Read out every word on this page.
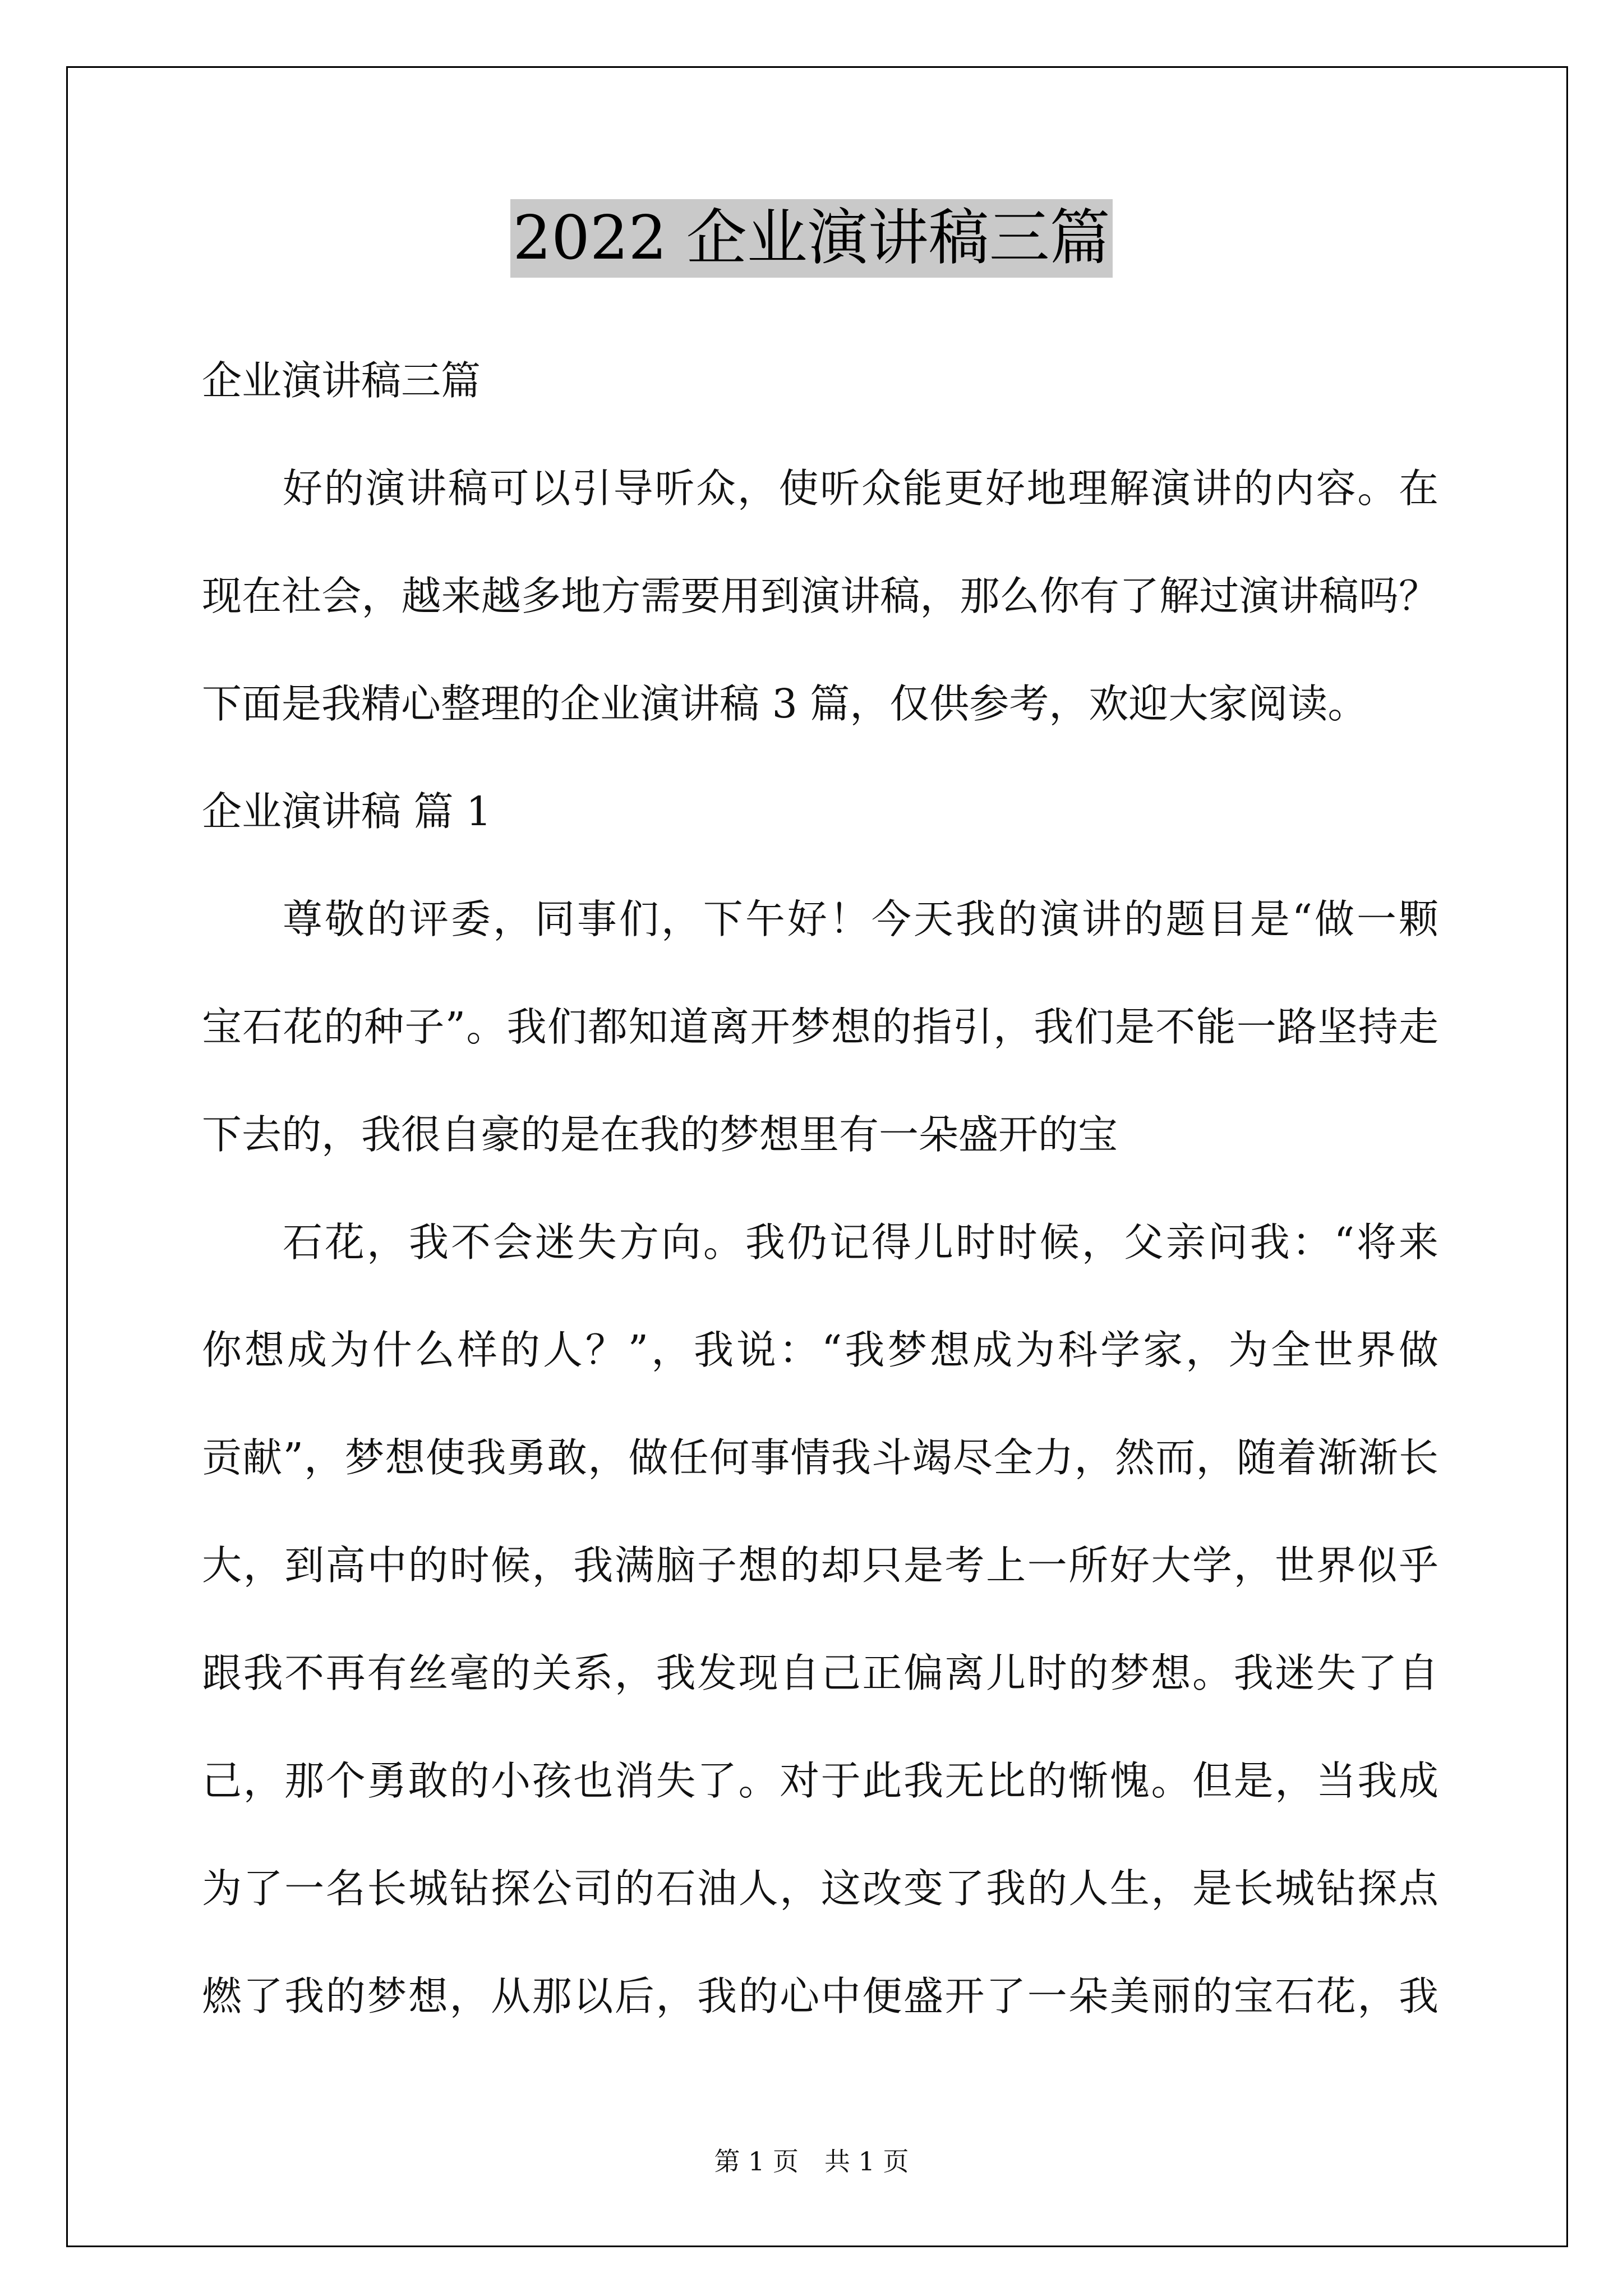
2022 企业演讲稿三篇
企业演讲稿三篇
好的演讲稿可以引导听众，使听众能更好地理解演讲的内容。在
现在社会，越来越多地方需要用到演讲稿，那么你有了解过演讲稿吗？
下面是我精心整理的企业演讲稿 3 篇，仅供参考，欢迎大家阅读。
企业演讲稿 篇 1
尊敬的评委，同事们，下午好！今天我的演讲的题目是“做一颗
宝石花的种子”。我们都知道离开梦想的指引，我们是不能一路坚持走
下去的，我很自豪的是在我的梦想里有一朵盛开的宝
石花，我不会迷失方向。我仍记得儿时时候，父亲问我：“将来
你想成为什么样的人？”，我说：“我梦想成为科学家，为全世界做
贡献”，梦想使我勇敢，做任何事情我斗竭尽全力，然而，随着渐渐长
大，到高中的时候，我满脑子想的却只是考上一所好大学，世界似乎
跟我不再有丝毫的关系，我发现自己正偏离儿时的梦想。我迷失了自
己，那个勇敢的小孩也消失了。对于此我无比的惭愧。但是，当我成
为了一名长城钻探公司的石油人，这改变了我的人生，是长城钻探点
燃了我的梦想，从那以后，我的心中便盛开了一朵美丽的宝石花，我
第 1 页　共 1 页
